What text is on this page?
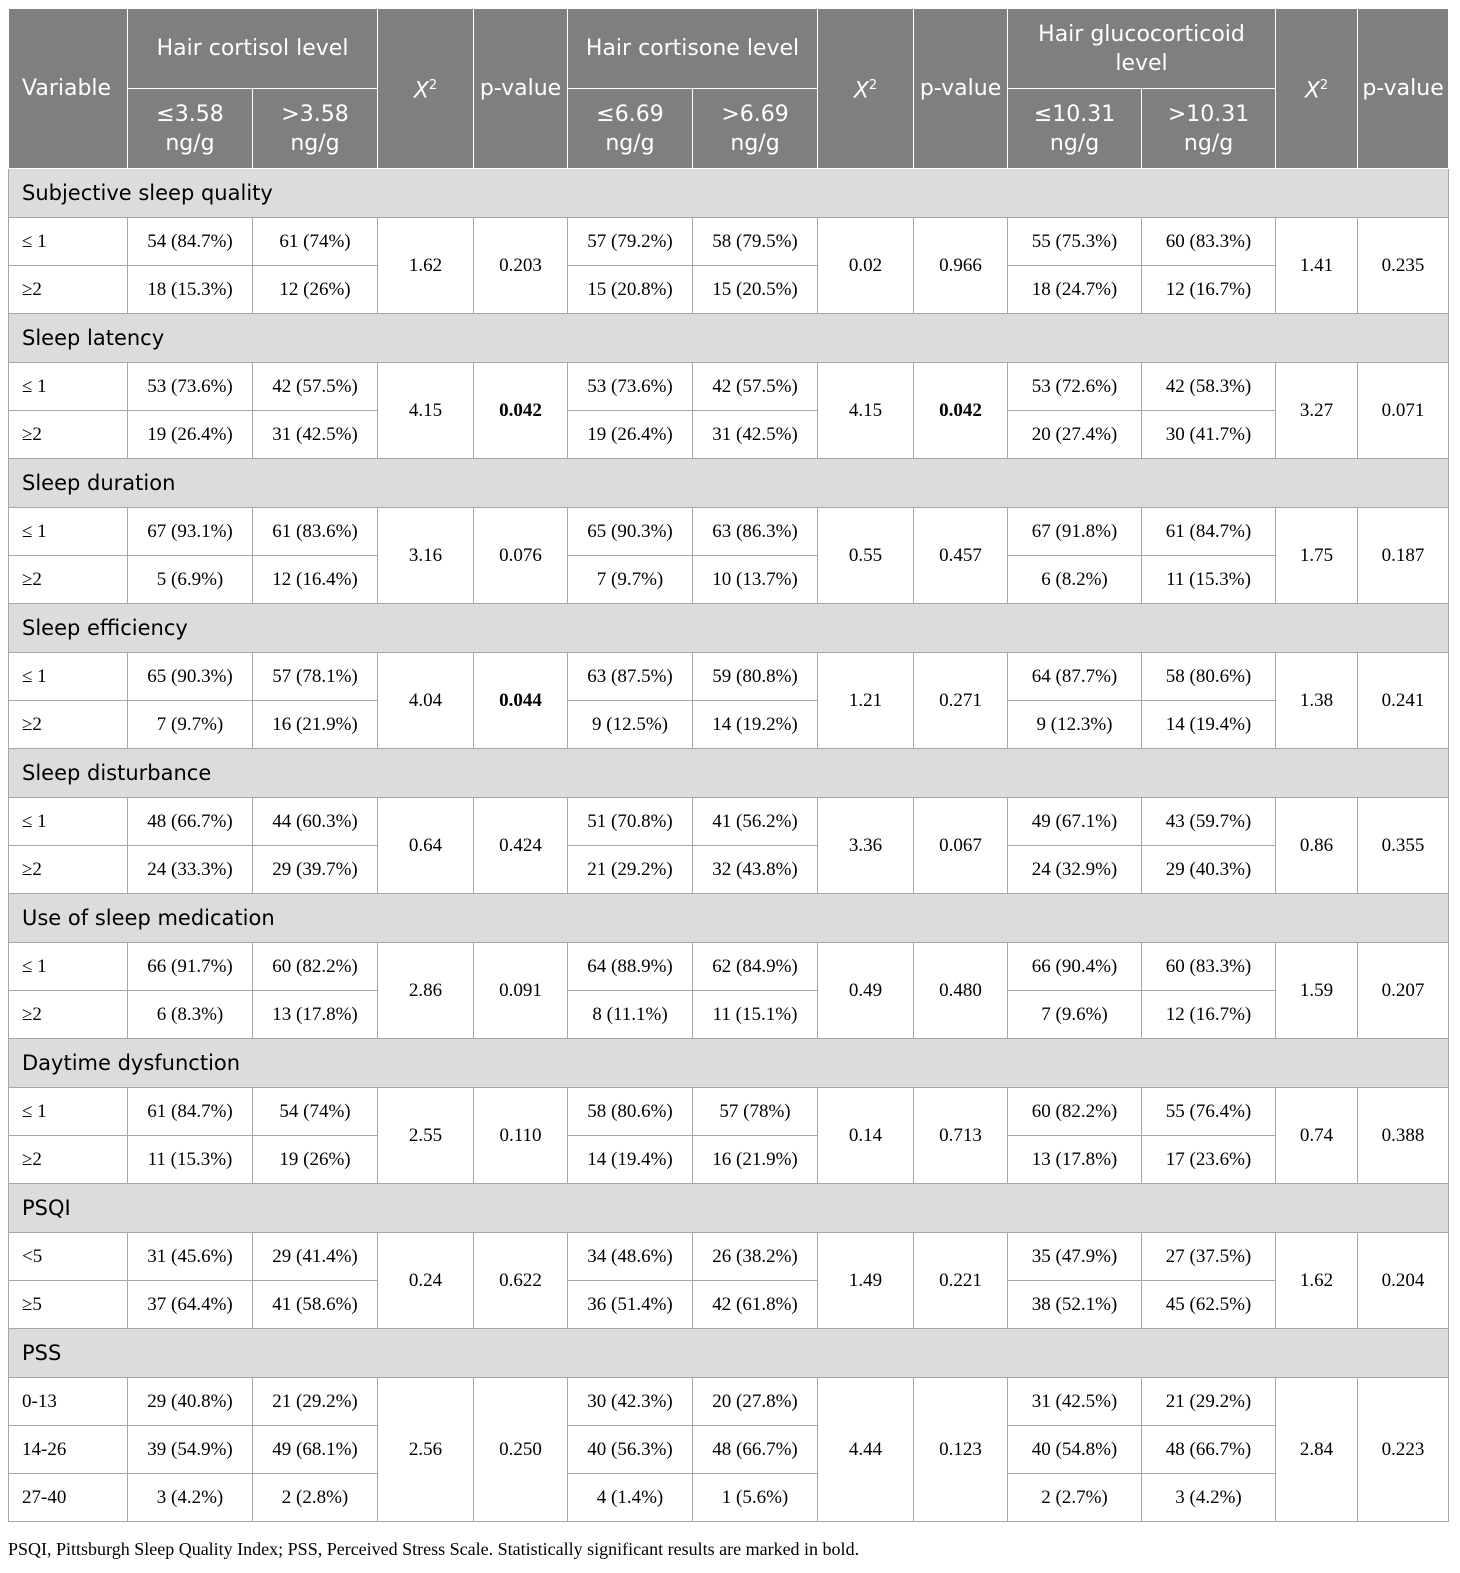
Variable	Hair cortisol level		$X^2$	p-value	Hair cortisone level		$X^2$	p-value	Hair glucocorticoid level		$X^2$	p-value
	≤3.58 ng/g	>3.58 ng/g			≤6.69 ng/g	>6.69 ng/g			≤10.31 ng/g	>10.31 ng/g		
Subjective sleep quality												
≤ 1	54 (84.7%)	61 (74%)	1.62	0.203	57 (79.2%)	58 (79.5%)	0.02	0.966	55 (75.3%)	60 (83.3%)	1.41	0.235
≥2	18 (15.3%)	12 (26%)			15 (20.8%)	15 (20.5%)			18 (24.7%)	12 (16.7%)		
Sleep latency												
≤ 1	53 (73.6%)	42 (57.5%)	4.15	0.042	53 (73.6%)	42 (57.5%)	4.15	0.042	53 (72.6%)	42 (58.3%)	3.27	0.071
≥2	19 (26.4%)	31 (42.5%)			19 (26.4%)	31 (42.5%)			20 (27.4%)	30 (41.7%)		
Sleep duration												
≤ 1	67 (93.1%)	61 (83.6%)	3.16	0.076	65 (90.3%)	63 (86.3%)	0.55	0.457	67 (91.8%)	61 (84.7%)	1.75	0.187
≥2	5 (6.9%)	12 (16.4%)			7 (9.7%)	10 (13.7%)			6 (8.2%)	11 (15.3%)		
Sleep efficiency												
≤ 1	65 (90.3%)	57 (78.1%)	4.04	0.044	63 (87.5%)	59 (80.8%)	1.21	0.271	64 (87.7%)	58 (80.6%)	1.38	0.241
≥2	7 (9.7%)	16 (21.9%)			9 (12.5%)	14 (19.2%)			9 (12.3%)	14 (19.4%)		
Sleep disturbance												
≤ 1	48 (66.7%)	44 (60.3%)	0.64	0.424	51 (70.8%)	41 (56.2%)	3.36	0.067	49 (67.1%)	43 (59.7%)	0.86	0.355
≥2	24 (33.3%)	29 (39.7%)			21 (29.2%)	32 (43.8%)			24 (32.9%)	29 (40.3%)		
Use of sleep medication												
≤ 1	66 (91.7%)	60 (82.2%)	2.86	0.091	64 (88.9%)	62 (84.9%)	0.49	0.480	66 (90.4%)	60 (83.3%)	1.59	0.207
≥2	6 (8.3%)	13 (17.8%)			8 (11.1%)	11 (15.1%)			7 (9.6%)	12 (16.7%)		
Daytime dysfunction												
≤ 1	61 (84.7%)	54 (74%)	2.55	0.110	58 (80.6%)	57 (78%)	0.14	0.713	60 (82.2%)	55 (76.4%)	0.74	0.388
≥2	11 (15.3%)	19 (26%)			14 (19.4%)	16 (21.9%)			13 (17.8%)	17 (23.6%)		
PSQI												
<5	31 (45.6%)	29 (41.4%)	0.24	0.622	34 (48.6%)	26 (38.2%)	1.49	0.221	35 (47.9%)	27 (37.5%)	1.62	0.204
≥5	37 (64.4%)	41 (58.6%)			36 (51.4%)	42 (61.8%)			38 (52.1%)	45 (62.5%)		
PSS												
0-13	29 (40.8%)	21 (29.2%)	2.56	0.250	30 (42.3%)	20 (27.8%)	4.44	0.123	31 (42.5%)	21 (29.2%)	2.84	0.223
14-26	39 (54.9%)	49 (68.1%)			40 (56.3%)	48 (66.7%)			40 (54.8%)	48 (66.7%)		
27-40	3 (4.2%)	2 (2.8%)			4 (1.4%)	1 (5.6%)			2 (2.7%)	3 (4.2%)		
PSQI, Pittsburgh Sleep Quality Index; PSS, Perceived Stress Scale. Statistically significant results are marked in bold.
